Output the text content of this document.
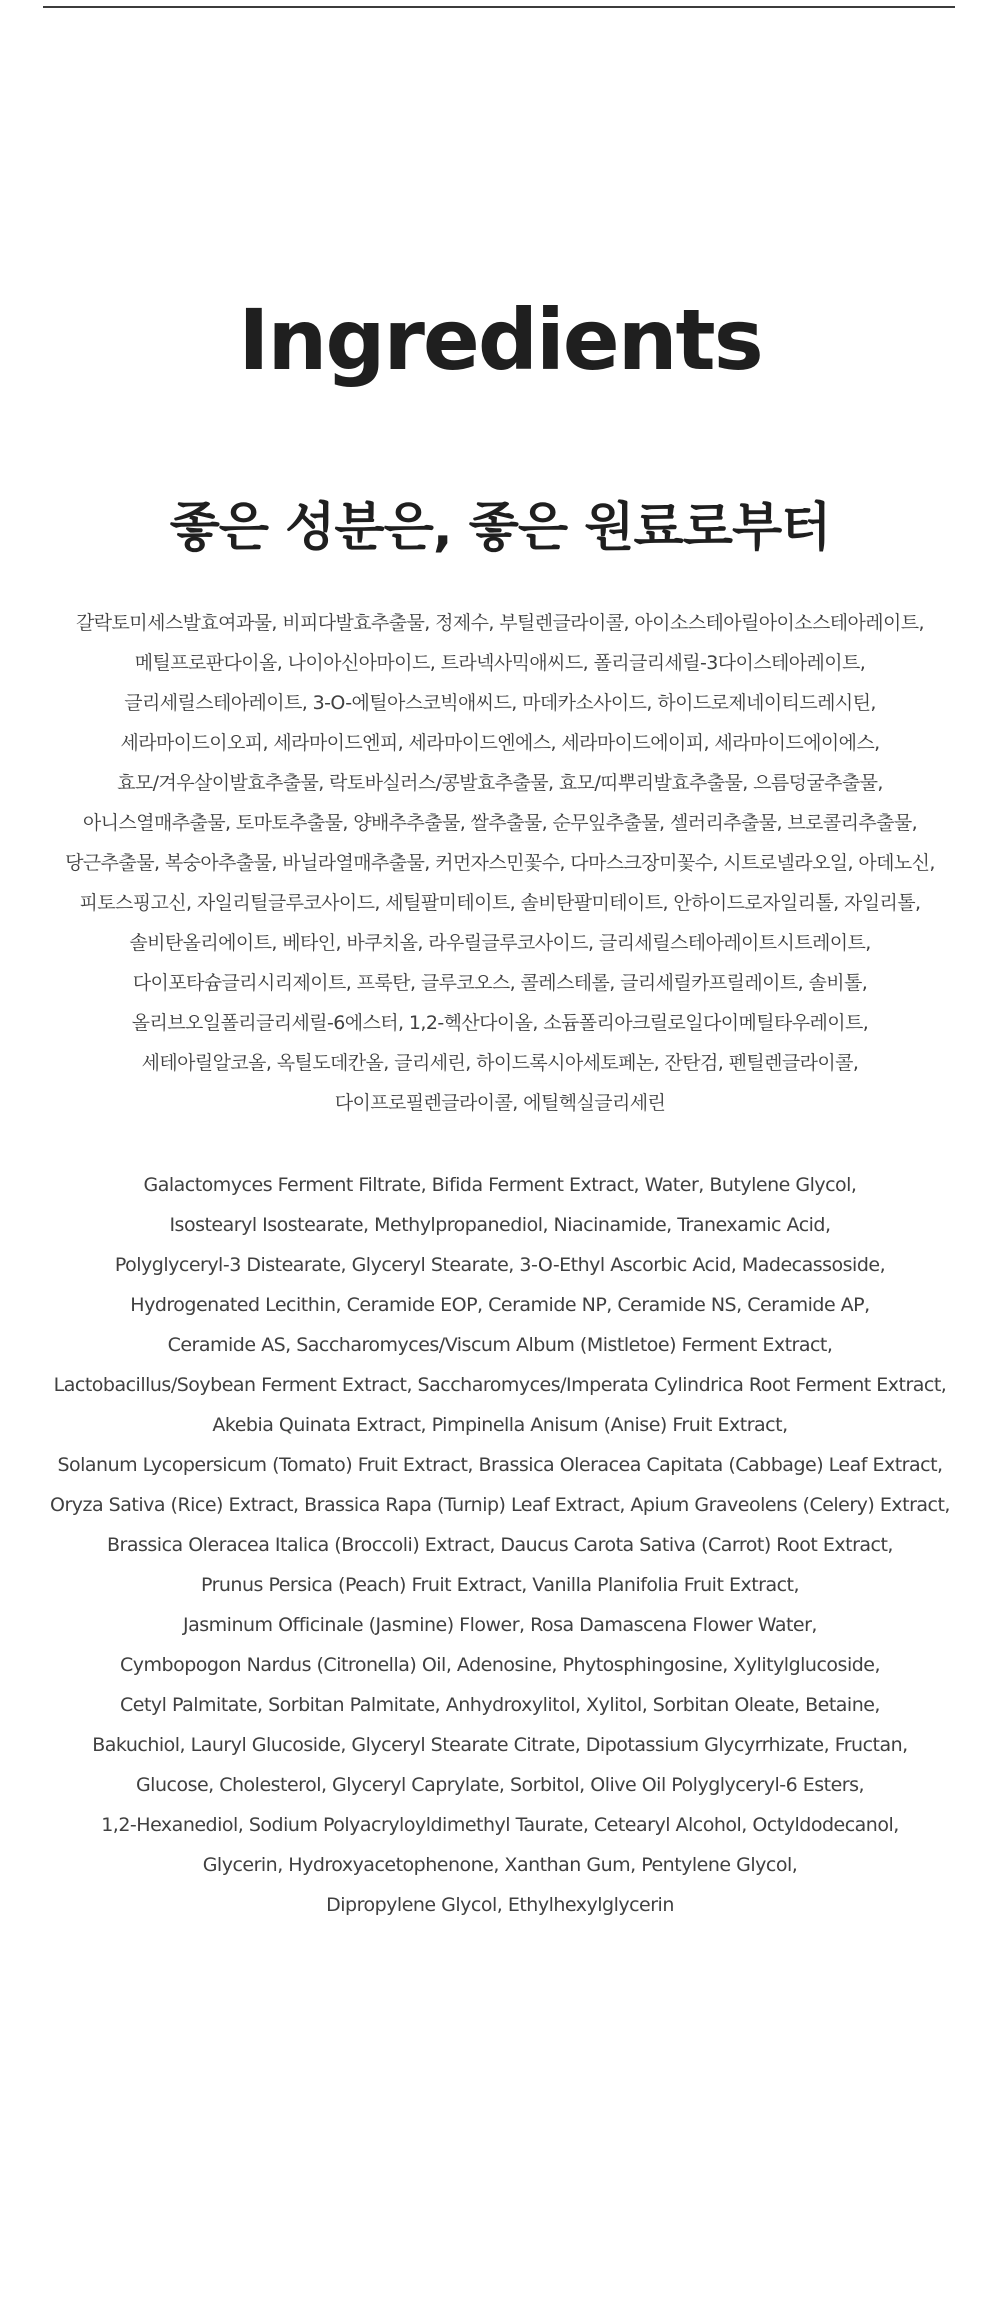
Ingredients
좋은 성분은, 좋은 원료로부터
갈락토미세스발효여과물, 비피다발효추출물, 정제수, 부틸렌글라이콜, 아이소스테아릴아이소스테아레이트,
메틸프로판다이올, 나이아신아마이드, 트라넥사믹애씨드, 폴리글리세릴-3다이스테아레이트,
글리세릴스테아레이트, 3-O-에틸아스코빅애씨드, 마데카소사이드, 하이드로제네이티드레시틴,
세라마이드이오피, 세라마이드엔피, 세라마이드엔에스, 세라마이드에이피, 세라마이드에이에스,
효모/겨우살이발효추출물, 락토바실러스/콩발효추출물, 효모/띠뿌리발효추출물, 으름덩굴추출물,
아니스열매추출물, 토마토추출물, 양배추추출물, 쌀추출물, 순무잎추출물, 셀러리추출물, 브로콜리추출물,
당근추출물, 복숭아추출물, 바닐라열매추출물, 커먼자스민꽃수, 다마스크장미꽃수, 시트로넬라오일, 아데노신,
피토스핑고신, 자일리틸글루코사이드, 세틸팔미테이트, 솔비탄팔미테이트, 안하이드로자일리톨, 자일리톨,
솔비탄올리에이트, 베타인, 바쿠치올, 라우릴글루코사이드, 글리세릴스테아레이트시트레이트,
다이포타슘글리시리제이트, 프룩탄, 글루코오스, 콜레스테롤, 글리세릴카프릴레이트, 솔비톨,
올리브오일폴리글리세릴-6에스터, 1,2-헥산다이올, 소듐폴리아크릴로일다이메틸타우레이트,
세테아릴알코올, 옥틸도데칸올, 글리세린, 하이드록시아세토페논, 잔탄검, 펜틸렌글라이콜,
다이프로필렌글라이콜, 에틸헥실글리세린
Galactomyces Ferment Filtrate, Bifida Ferment Extract, Water, Butylene Glycol,
Isostearyl Isostearate, Methylpropanediol, Niacinamide, Tranexamic Acid,
Polyglyceryl-3 Distearate, Glyceryl Stearate, 3-O-Ethyl Ascorbic Acid, Madecassoside,
Hydrogenated Lecithin, Ceramide EOP, Ceramide NP, Ceramide NS, Ceramide AP,
Ceramide AS, Saccharomyces/Viscum Album (Mistletoe) Ferment Extract,
Lactobacillus/Soybean Ferment Extract, Saccharomyces/Imperata Cylindrica Root Ferment Extract,
Akebia Quinata Extract, Pimpinella Anisum (Anise) Fruit Extract,
Solanum Lycopersicum (Tomato) Fruit Extract, Brassica Oleracea Capitata (Cabbage) Leaf Extract,
Oryza Sativa (Rice) Extract, Brassica Rapa (Turnip) Leaf Extract, Apium Graveolens (Celery) Extract,
Brassica Oleracea Italica (Broccoli) Extract, Daucus Carota Sativa (Carrot) Root Extract,
Prunus Persica (Peach) Fruit Extract, Vanilla Planifolia Fruit Extract,
Jasminum Officinale (Jasmine) Flower, Rosa Damascena Flower Water,
Cymbopogon Nardus (Citronella) Oil, Adenosine, Phytosphingosine, Xylitylglucoside,
Cetyl Palmitate, Sorbitan Palmitate, Anhydroxylitol, Xylitol, Sorbitan Oleate, Betaine,
Bakuchiol, Lauryl Glucoside, Glyceryl Stearate Citrate, Dipotassium Glycyrrhizate, Fructan,
Glucose, Cholesterol, Glyceryl Caprylate, Sorbitol, Olive Oil Polyglyceryl-6 Esters,
1,2-Hexanediol, Sodium Polyacryloyldimethyl Taurate, Cetearyl Alcohol, Octyldodecanol,
Glycerin, Hydroxyacetophenone, Xanthan Gum, Pentylene Glycol,
Dipropylene Glycol, Ethylhexylglycerin
